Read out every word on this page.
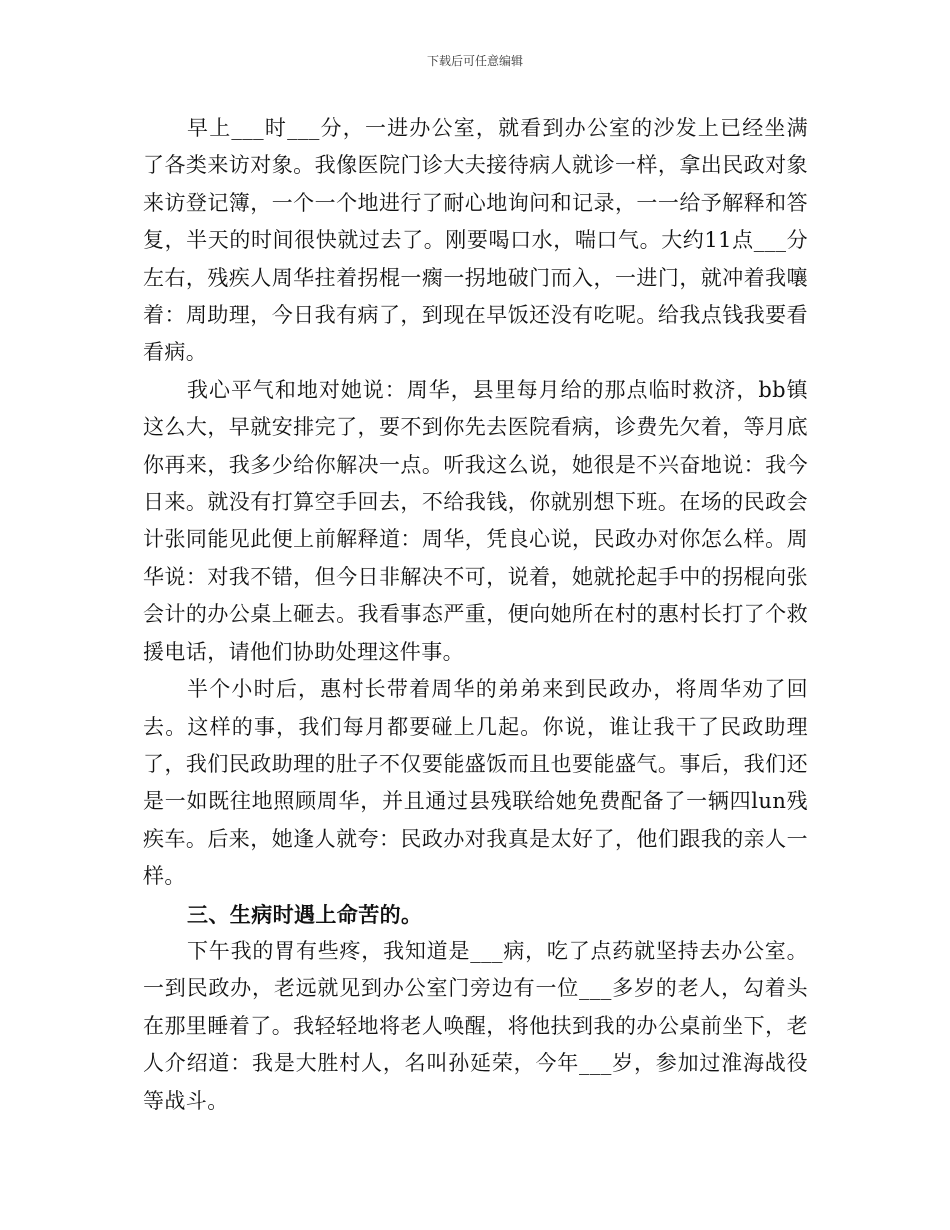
下载后可任意编辑

早上___时___分，一进办公室，就看到办公室的沙发上已经坐满了各类来访对象。我像医院门诊大夫接待病人就诊一样，拿出民政对象来访登记簿，一个一个地进行了耐心地询问和记录，一一给予解释和答复，半天的时间很快就过去了。刚要喝口水，喘口气。大约11点___分左右，残疾人周华拄着拐棍一瘸一拐地破门而入，一进门，就冲着我嚷着：周助理，今日我有病了，到现在早饭还没有吃呢。给我点钱我要看看病。

我心平气和地对她说：周华，县里每月给的那点临时救济，bb镇这么大，早就安排完了，要不到你先去医院看病，诊费先欠着，等月底你再来，我多少给你解决一点。听我这么说，她很是不兴奋地说：我今日来。就没有打算空手回去，不给我钱，你就别想下班。在场的民政会计张同能见此便上前解释道：周华，凭良心说，民政办对你怎么样。周华说：对我不错，但今日非解决不可，说着，她就抡起手中的拐棍向张会计的办公桌上砸去。我看事态严重，便向她所在村的惠村长打了个救援电话，请他们协助处理这件事。

半个小时后，惠村长带着周华的弟弟来到民政办，将周华劝了回去。这样的事，我们每月都要碰上几起。你说，谁让我干了民政助理了，我们民政助理的肚子不仅要能盛饭而且也要能盛气。事后，我们还是一如既往地照顾周华，并且通过县残联给她免费配备了一辆四lun残疾车。后来，她逢人就夸：民政办对我真是太好了，他们跟我的亲人一样。

三、生病时遇上命苦的。

下午我的胃有些疼，我知道是___病，吃了点药就坚持去办公室。一到民政办，老远就见到办公室门旁边有一位___多岁的老人，勾着头在那里睡着了。我轻轻地将老人唤醒，将他扶到我的办公桌前坐下，老人介绍道：我是大胜村人，名叫孙延荣，今年___岁，参加过淮海战役等战斗。
